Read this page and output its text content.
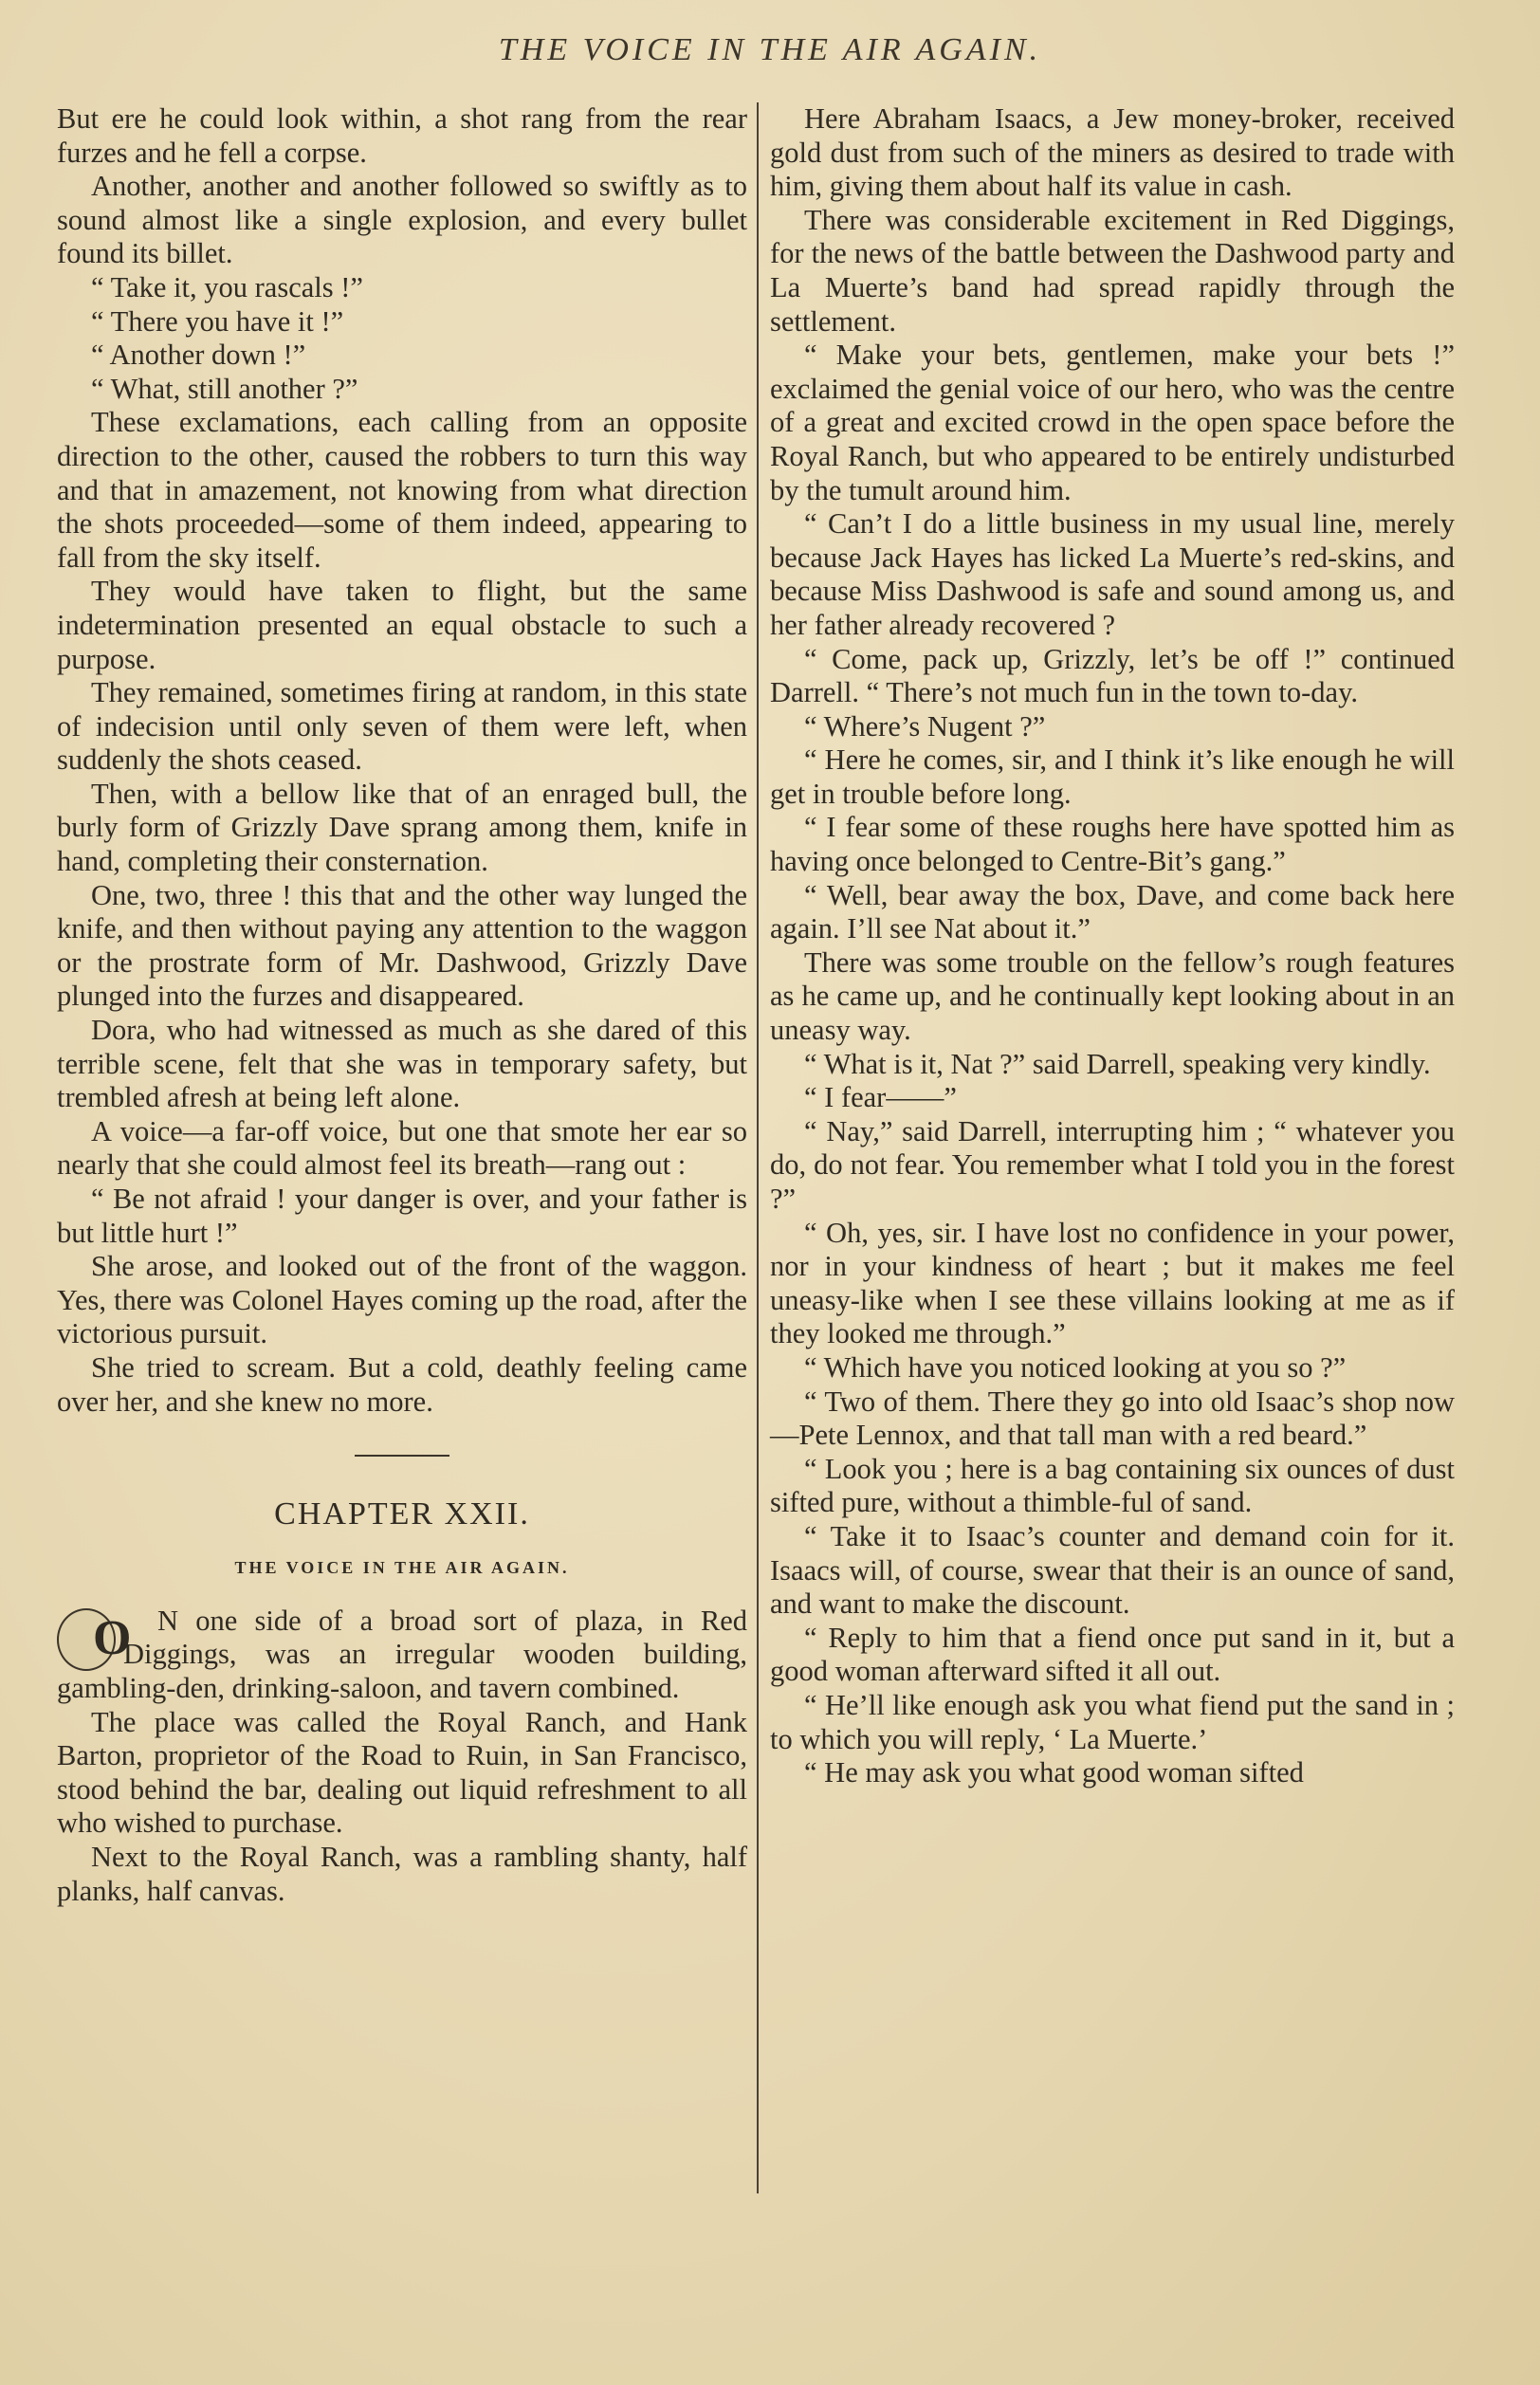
THE VOICE IN THE AIR AGAIN.

But ere he could look within, a shot rang from the rear furzes and he fell a corpse.

Another, another and another followed so swiftly as to sound almost like a single explosion, and every bullet found its billet.

“ Take it, you rascals !”

“ There you have it !”

“ Another down !”

“ What, still another ?”

These exclamations, each calling from an opposite direction to the other, caused the robbers to turn this way and that in amazement, not knowing from what direction the shots proceeded—some of them indeed, appearing to fall from the sky itself.

They would have taken to flight, but the same indetermination presented an equal obstacle to such a purpose.

They remained, sometimes firing at random, in this state of indecision until only seven of them were left, when suddenly the shots ceased.

Then, with a bellow like that of an enraged bull, the burly form of Grizzly Dave sprang among them, knife in hand, completing their consternation.

One, two, three ! this that and the other way lunged the knife, and then without paying any attention to the waggon or the prostrate form of Mr. Dashwood, Grizzly Dave plunged into the furzes and disappeared.

Dora, who had witnessed as much as she dared of this terrible scene, felt that she was in temporary safety, but trembled afresh at being left alone.

A voice—a far-off voice, but one that smote her ear so nearly that she could almost feel its breath—rang out :

“ Be not afraid ! your danger is over, and your father is but little hurt !”

She arose, and looked out of the front of the waggon. Yes, there was Colonel Hayes coming up the road, after the victorious pursuit.

She tried to scream. But a cold, deathly feeling came over her, and she knew no more.

CHAPTER XXII.
THE VOICE IN THE AIR AGAIN.

O N one side of a broad sort of plaza, in Red Diggings, was an irregular wooden building, gambling-den, drinking-saloon, and tavern combined.

The place was called the Royal Ranch, and Hank Barton, proprietor of the Road to Ruin, in San Francisco, stood behind the bar, dealing out liquid refreshment to all who wished to purchase.

Next to the Royal Ranch, was a rambling shanty, half planks, half canvas.

Here Abraham Isaacs, a Jew money-broker, received gold dust from such of the miners as desired to trade with him, giving them about half its value in cash.

There was considerable excitement in Red Diggings, for the news of the battle between the Dashwood party and La Muerte’s band had spread rapidly through the settlement.

“ Make your bets, gentlemen, make your bets !” exclaimed the genial voice of our hero, who was the centre of a great and excited crowd in the open space before the Royal Ranch, but who appeared to be entirely undisturbed by the tumult around him.

“ Can’t I do a little business in my usual line, merely because Jack Hayes has licked La Muerte’s red-skins, and because Miss Dashwood is safe and sound among us, and her father already recovered ?

“ Come, pack up, Grizzly, let’s be off !” continued Darrell. “ There’s not much fun in the town to-day.

“ Where’s Nugent ?”

“ Here he comes, sir, and I think it’s like enough he will get in trouble before long.

“ I fear some of these roughs here have spotted him as having once belonged to Centre-Bit’s gang.”

“ Well, bear away the box, Dave, and come back here again. I’ll see Nat about it.”

There was some trouble on the fellow’s rough features as he came up, and he continually kept looking about in an uneasy way.

“ What is it, Nat ?” said Darrell, speaking very kindly.

“ I fear——”

“ Nay,” said Darrell, interrupting him ; “ whatever you do, do not fear. You remember what I told you in the forest ?”

“ Oh, yes, sir. I have lost no confidence in your power, nor in your kindness of heart ; but it makes me feel uneasy-like when I see these villains looking at me as if they looked me through.”

“ Which have you noticed looking at you so ?”

“ Two of them. There they go into old Isaac’s shop now—Pete Lennox, and that tall man with a red beard.”

“ Look you ; here is a bag containing six ounces of dust sifted pure, without a thimble-ful of sand.

“ Take it to Isaac’s counter and demand coin for it. Isaacs will, of course, swear that their is an ounce of sand, and want to make the discount.

“ Reply to him that a fiend once put sand in it, but a good woman afterward sifted it all out.

“ He’ll like enough ask you what fiend put the sand in ; to which you will reply, ‘ La Muerte.’

“ He may ask you what good woman sifted
